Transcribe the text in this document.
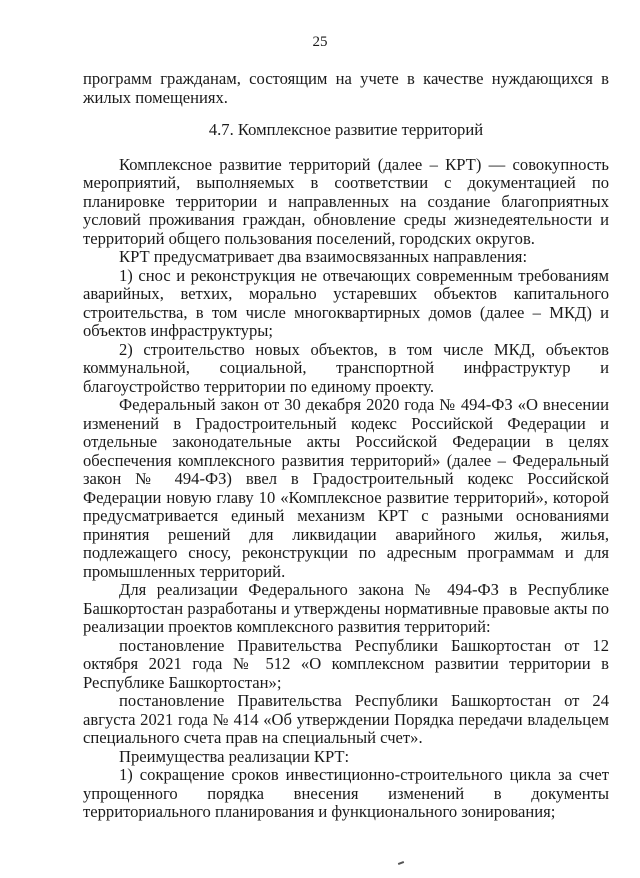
25

программ гражданам, состоящим на учете в качестве нуждающихся в жилых помещениях.

4.7. Комплексное развитие территорий

Комплексное развитие территорий (далее – КРТ) — совокупность мероприятий, выполняемых в соответствии с документацией по планировке территории и направленных на создание благоприятных условий проживания граждан, обновление среды жизнедеятельности и территорий общего пользования поселений, городских округов.

КРТ предусматривает два взаимосвязанных направления:

1) снос и реконструкция не отвечающих современным требованиям аварийных, ветхих, морально устаревших объектов капитального строительства, в том числе многоквартирных домов (далее – МКД) и объектов инфраструктуры;

2) строительство новых объектов, в том числе МКД, объектов коммунальной, социальной, транспортной инфраструктур и благоустройство территории по единому проекту.

Федеральный закон от 30 декабря 2020 года № 494-ФЗ «О внесении изменений в Градостроительный кодекс Российской Федерации и отдельные законодательные акты Российской Федерации в целях обеспечения комплексного развития территорий» (далее – Федеральный закон № 494-ФЗ) ввел в Градостроительный кодекс Российской Федерации новую главу 10 «Комплексное развитие территорий», которой предусматривается единый механизм КРТ с разными основаниями принятия решений для ликвидации аварийного жилья, жилья, подлежащего сносу, реконструкции по адресным программам и для промышленных территорий.

Для реализации Федерального закона № 494-ФЗ в Республике Башкортостан разработаны и утверждены нормативные правовые акты по реализации проектов комплексного развития территорий:

постановление Правительства Республики Башкортостан от 12 октября 2021 года № 512 «О комплексном развитии территории в Республике Башкортостан»;

постановление Правительства Республики Башкортостан от 24 августа 2021 года № 414 «Об утверждении Порядка передачи владельцем специального счета прав на специальный счет».

Преимущества реализации КРТ:

1) сокращение сроков инвестиционно-строительного цикла за счет упрощенного порядка внесения изменений в документы территориального планирования и функционального зонирования;
